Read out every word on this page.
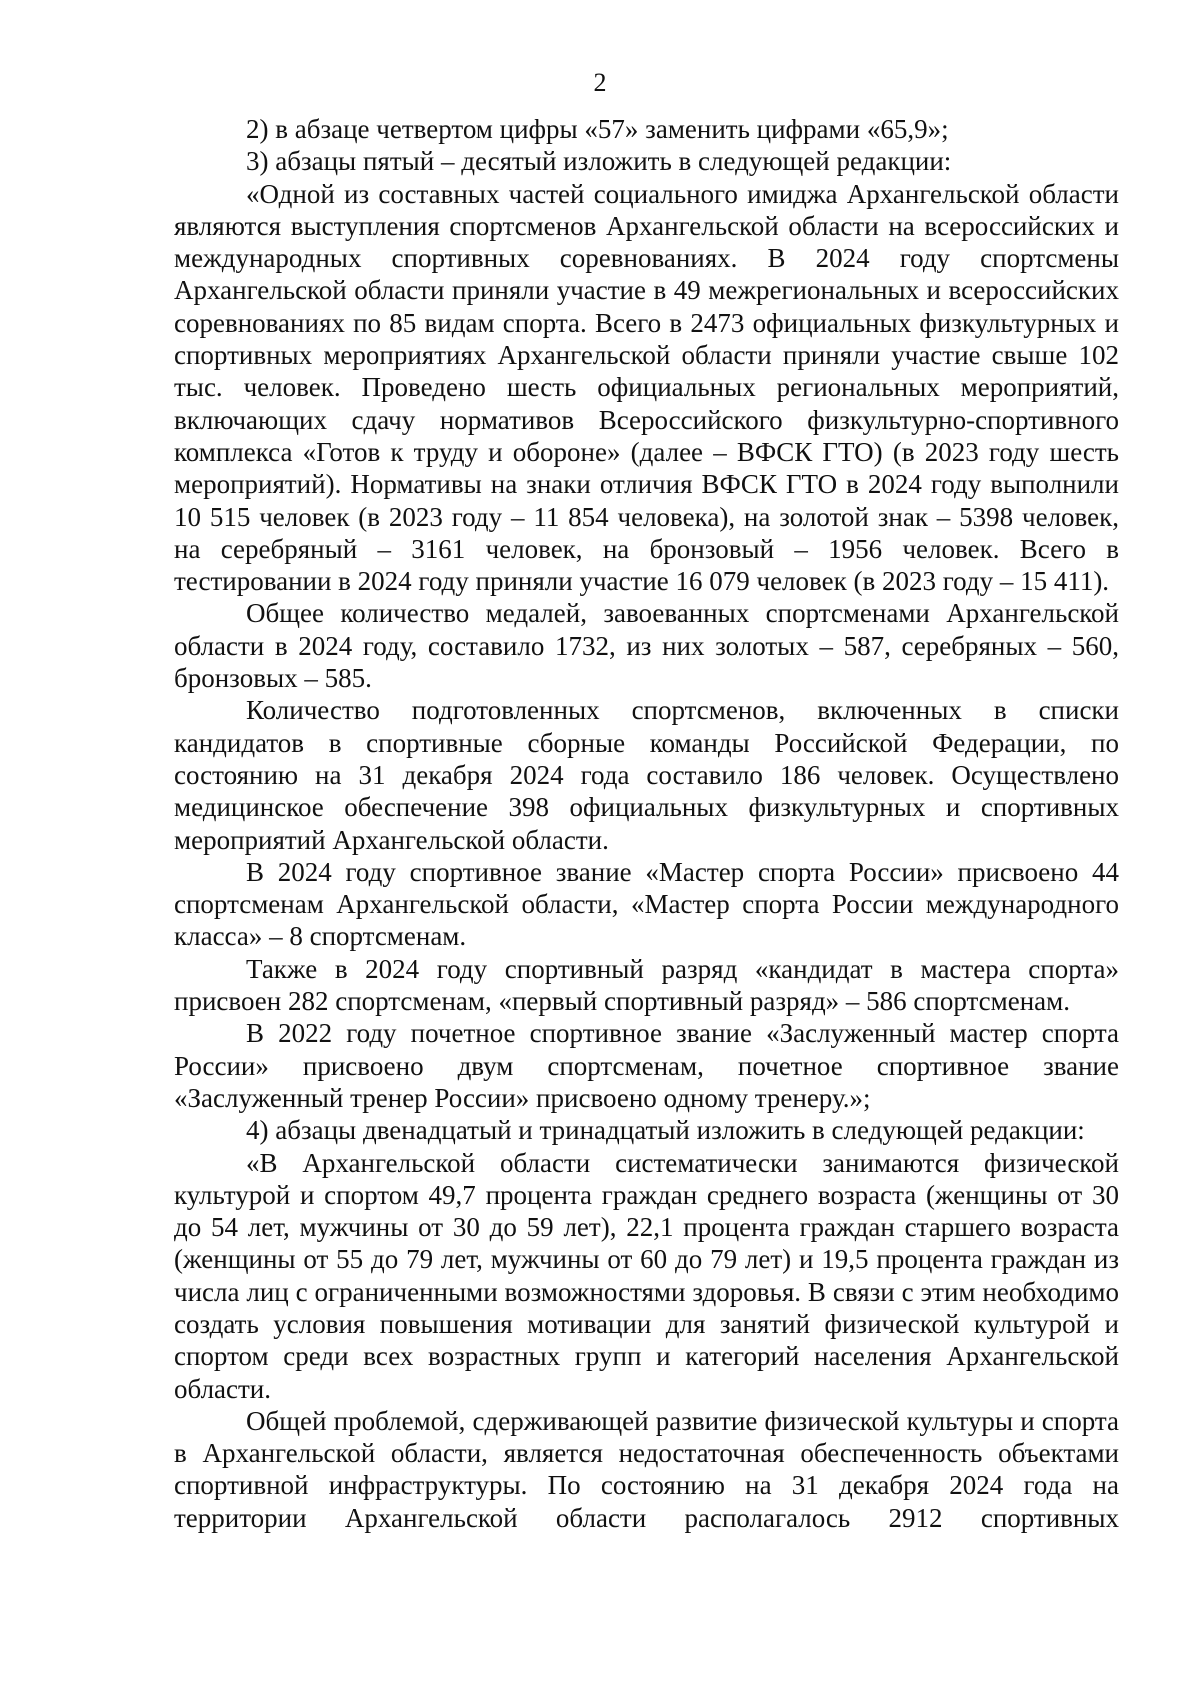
2

2) в абзаце четвертом цифры «57» заменить цифрами «65,9»;

3) абзацы пятый – десятый изложить в следующей редакции:

«Одной из составных частей социального имиджа Архангельской области являются выступления спортсменов Архангельской области на всероссийских и международных спортивных соревнованиях. В 2024 году спортсмены Архангельской области приняли участие в 49 межрегиональных и всероссийских соревнованиях по 85 видам спорта. Всего в 2473 официальных физкультурных и спортивных мероприятиях Архангельской области приняли участие свыше 102 тыс. человек. Проведено шесть официальных региональных мероприятий, включающих сдачу нормативов Всероссийского физкультурно-спортивного комплекса «Готов к труду и обороне» (далее – ВФСК ГТО) (в 2023 году шесть мероприятий). Нормативы на знаки отличия ВФСК ГТО в 2024 году выполнили 10 515 человек (в 2023 году – 11 854 человека), на золотой знак – 5398 человек, на серебряный – 3161 человек, на бронзовый – 1956 человек. Всего в тестировании в 2024 году приняли участие 16 079 человек (в 2023 году – 15 411).

Общее количество медалей, завоеванных спортсменами Архангельской области в 2024 году, составило 1732, из них золотых – 587, серебряных – 560, бронзовых – 585.

Количество подготовленных спортсменов, включенных в списки кандидатов в спортивные сборные команды Российской Федерации, по состоянию на 31 декабря 2024 года составило 186 человек. Осуществлено медицинское обеспечение 398 официальных физкультурных и спортивных мероприятий Архангельской области.

В 2024 году спортивное звание «Мастер спорта России» присвоено 44 спортсменам Архангельской области, «Мастер спорта России международного класса» – 8 спортсменам.

Также в 2024 году спортивный разряд «кандидат в мастера спорта» присвоен 282 спортсменам, «первый спортивный разряд» – 586 спортсменам.

В 2022 году почетное спортивное звание «Заслуженный мастер спорта России» присвоено двум спортсменам, почетное спортивное звание «Заслуженный тренер России» присвоено одному тренеру.»;

4) абзацы двенадцатый и тринадцатый изложить в следующей редакции:

«В Архангельской области систематически занимаются физической культурой и спортом 49,7 процента граждан среднего возраста (женщины от 30 до 54 лет, мужчины от 30 до 59 лет), 22,1 процента граждан старшего возраста (женщины от 55 до 79 лет, мужчины от 60 до 79 лет) и 19,5 процента граждан из числа лиц с ограниченными возможностями здоровья. В связи с этим необходимо создать условия повышения мотивации для занятий физической культурой и спортом среди всех возрастных групп и категорий населения Архангельской области.

Общей проблемой, сдерживающей развитие физической культуры и спорта в Архангельской области, является недостаточная обеспеченность объектами спортивной инфраструктуры. По состоянию на 31 декабря 2024 года на территории Архангельской области располагалось 2912 спортивных
